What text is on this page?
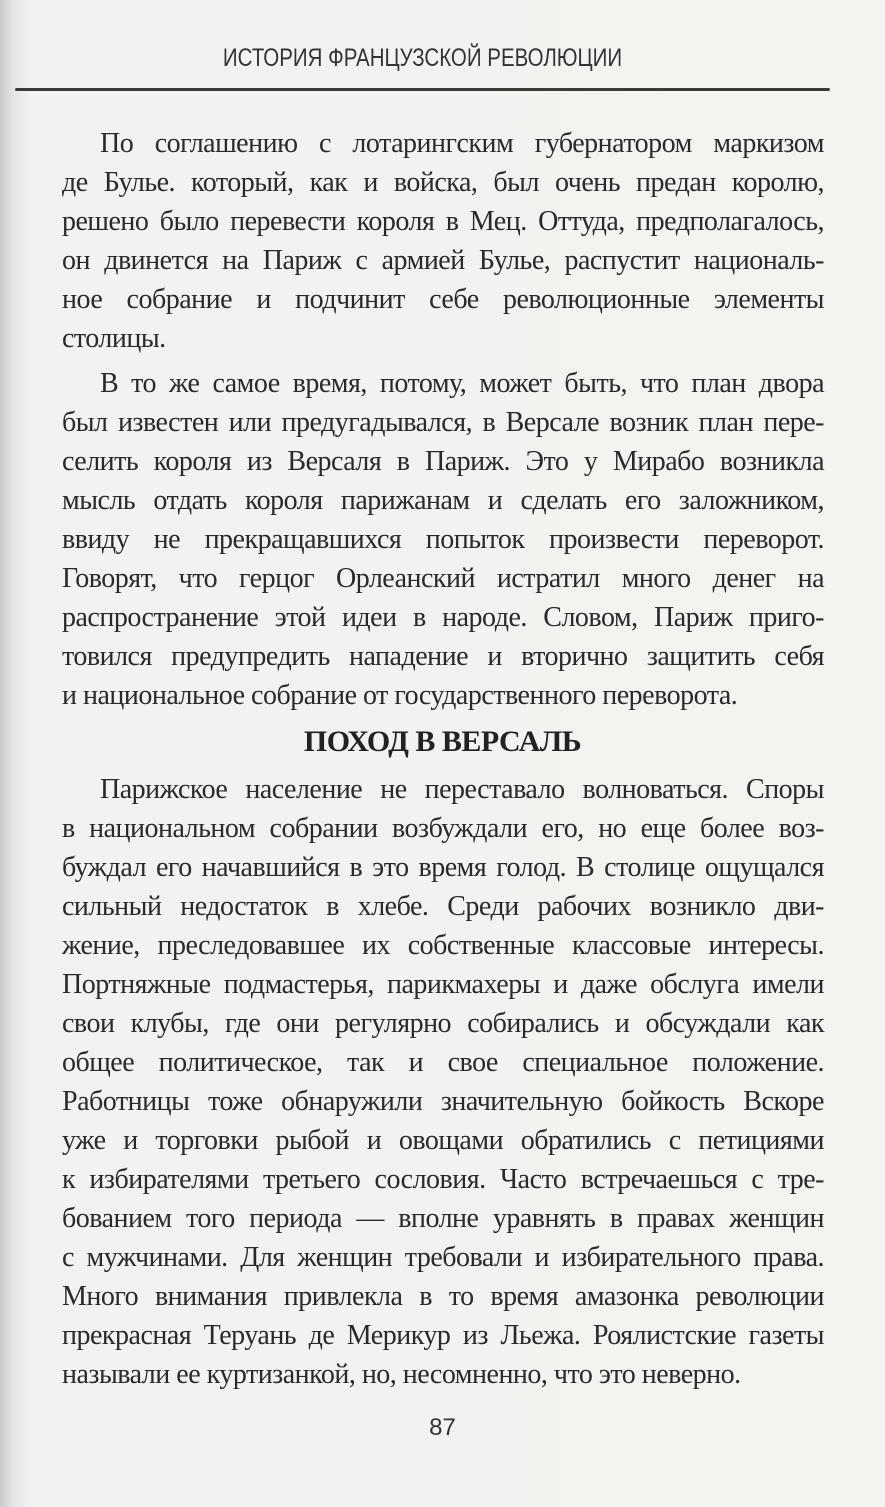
ИСТОРИЯ ФРАНЦУЗСКОЙ РЕВОЛЮЦИИ
По соглашению с лотарингским губернатором маркизом
де Булье. который, как и войска, был очень предан королю,
решено было перевести короля в Мец. Оттуда, предполагалось,
он двинется на Париж с армией Булье, распустит националь-
ное собрание и подчинит себе революционные элементы
столицы.
В то же самое время, потому, может быть, что план двора
был известен или предугадывался, в Версале возник план пере-
селить короля из Версаля в Париж. Это у Мирабо возникла
мысль отдать короля парижанам и сделать его заложником,
ввиду не прекращавшихся попыток произвести переворот.
Говорят, что герцог Орлеанский истратил много денег на
распространение этой идеи в народе. Словом, Париж приго-
товился предупредить нападение и вторично защитить себя
и национальное собрание от государственного переворота.
ПОХОД В ВЕРСАЛЬ
Парижское население не переставало волноваться. Споры
в национальном собрании возбуждали его, но еще более воз-
буждал его начавшийся в это время голод. В столице ощущался
сильный недостаток в хлебе. Среди рабочих возникло дви-
жение, преследовавшее их собственные классовые интересы.
Портняжные подмастерья, парикмахеры и даже обслуга имели
свои клубы, где они регулярно собирались и обсуждали как
общее политическое, так и свое специальное положение.
Работницы тоже обнаружили значительную бойкость Вскоре
уже и торговки рыбой и овощами обратились с петициями
к избирателями третьего сословия. Часто встречаешься с тре-
бованием того периода — вполне уравнять в правах женщин
с мужчинами. Для женщин требовали и избирательного права.
Много внимания привлекла в то время амазонка революции
прекрасная Теруань де Мерикур из Льежа. Роялистские газеты
называли ее куртизанкой, но, несомненно, что это неверно.
87
